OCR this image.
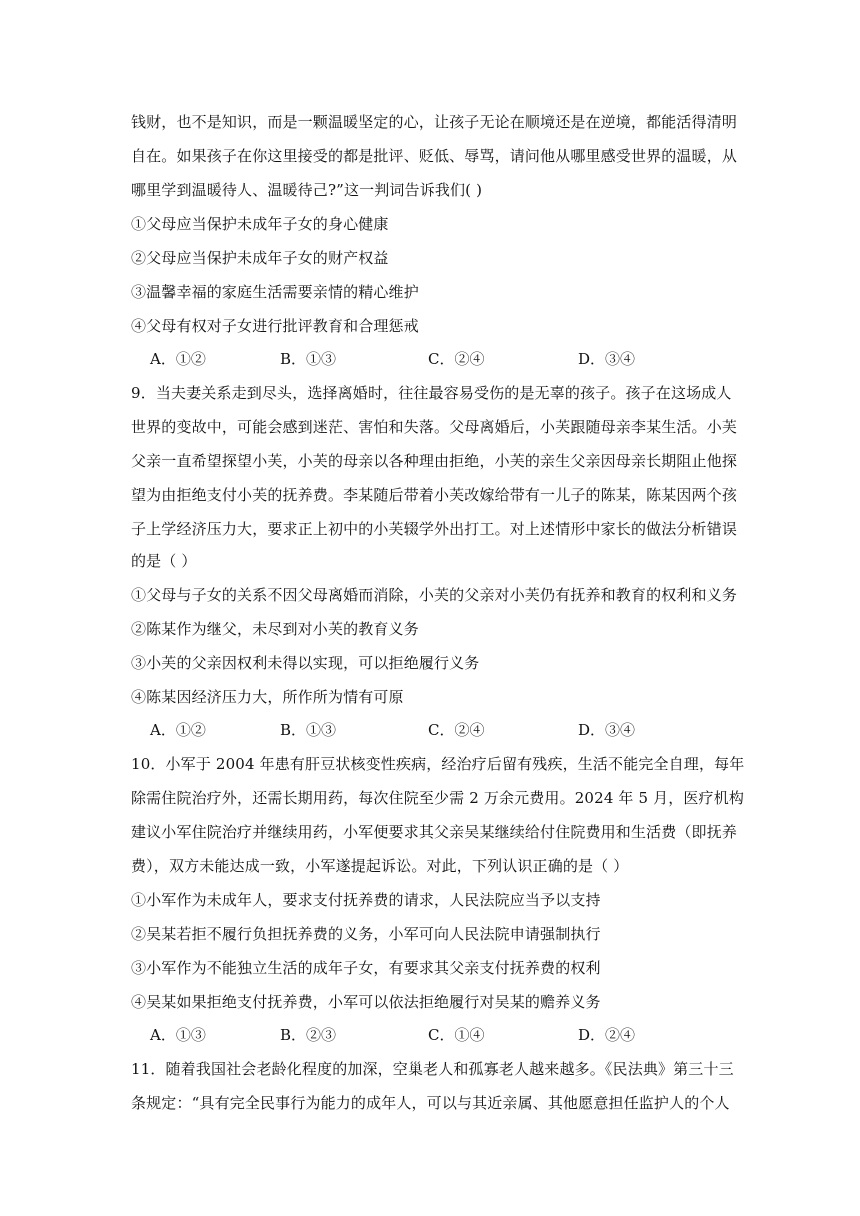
钱财，也不是知识，而是一颗温暖坚定的心，让孩子无论在顺境还是在逆境，都能活得清明
自在。如果孩子在你这里接受的都是批评、贬低、辱骂，请问他从哪里感受世界的温暖，从
哪里学到温暖待人、温暖待己?”这一判词告诉我们( )
①父母应当保护未成年子女的身心健康
②父母应当保护未成年子女的财产权益
③温馨幸福的家庭生活需要亲情的精心维护
④父母有权对子女进行批评教育和合理惩戒
A．①②	B．①③	C．②④	D．③④
9．当夫妻关系走到尽头，选择离婚时，往往最容易受伤的是无辜的孩子。孩子在这场成人
世界的变故中，可能会感到迷茫、害怕和失落。父母离婚后，小芙跟随母亲李某生活。小芙
父亲一直希望探望小芙，小芙的母亲以各种理由拒绝，小芙的亲生父亲因母亲长期阻止他探
望为由拒绝支付小芙的抚养费。李某随后带着小芙改嫁给带有一儿子的陈某，陈某因两个孩
子上学经济压力大，要求正上初中的小芙辍学外出打工。对上述情形中家长的做法分析错误
的是（ ）
①父母与子女的关系不因父母离婚而消除，小芙的父亲对小芙仍有抚养和教育的权利和义务
②陈某作为继父，未尽到对小芙的教育义务
③小芙的父亲因权利未得以实现，可以拒绝履行义务
④陈某因经济压力大，所作所为情有可原
A．①②	B．①③	C．②④	D．③④
10．小军于 2004 年患有肝豆状核变性疾病，经治疗后留有残疾，生活不能完全自理，每年
除需住院治疗外，还需长期用药，每次住院至少需 2 万余元费用。2024 年 5 月，医疗机构
建议小军住院治疗并继续用药，小军便要求其父亲吴某继续给付住院费用和生活费（即抚养
费），双方未能达成一致，小军遂提起诉讼。对此，下列认识正确的是（ ）
①小军作为未成年人，要求支付抚养费的请求，人民法院应当予以支持
②吴某若拒不履行负担抚养费的义务，小军可向人民法院申请强制执行
③小军作为不能独立生活的成年子女，有要求其父亲支付抚养费的权利
④吴某如果拒绝支付抚养费，小军可以依法拒绝履行对吴某的赡养义务
A．①③	B．②③	C．①④	D．②④
11．随着我国社会老龄化程度的加深，空巢老人和孤寡老人越来越多。《民法典》第三十三
条规定：“具有完全民事行为能力的成年人，可以与其近亲属、其他愿意担任监护人的个人
